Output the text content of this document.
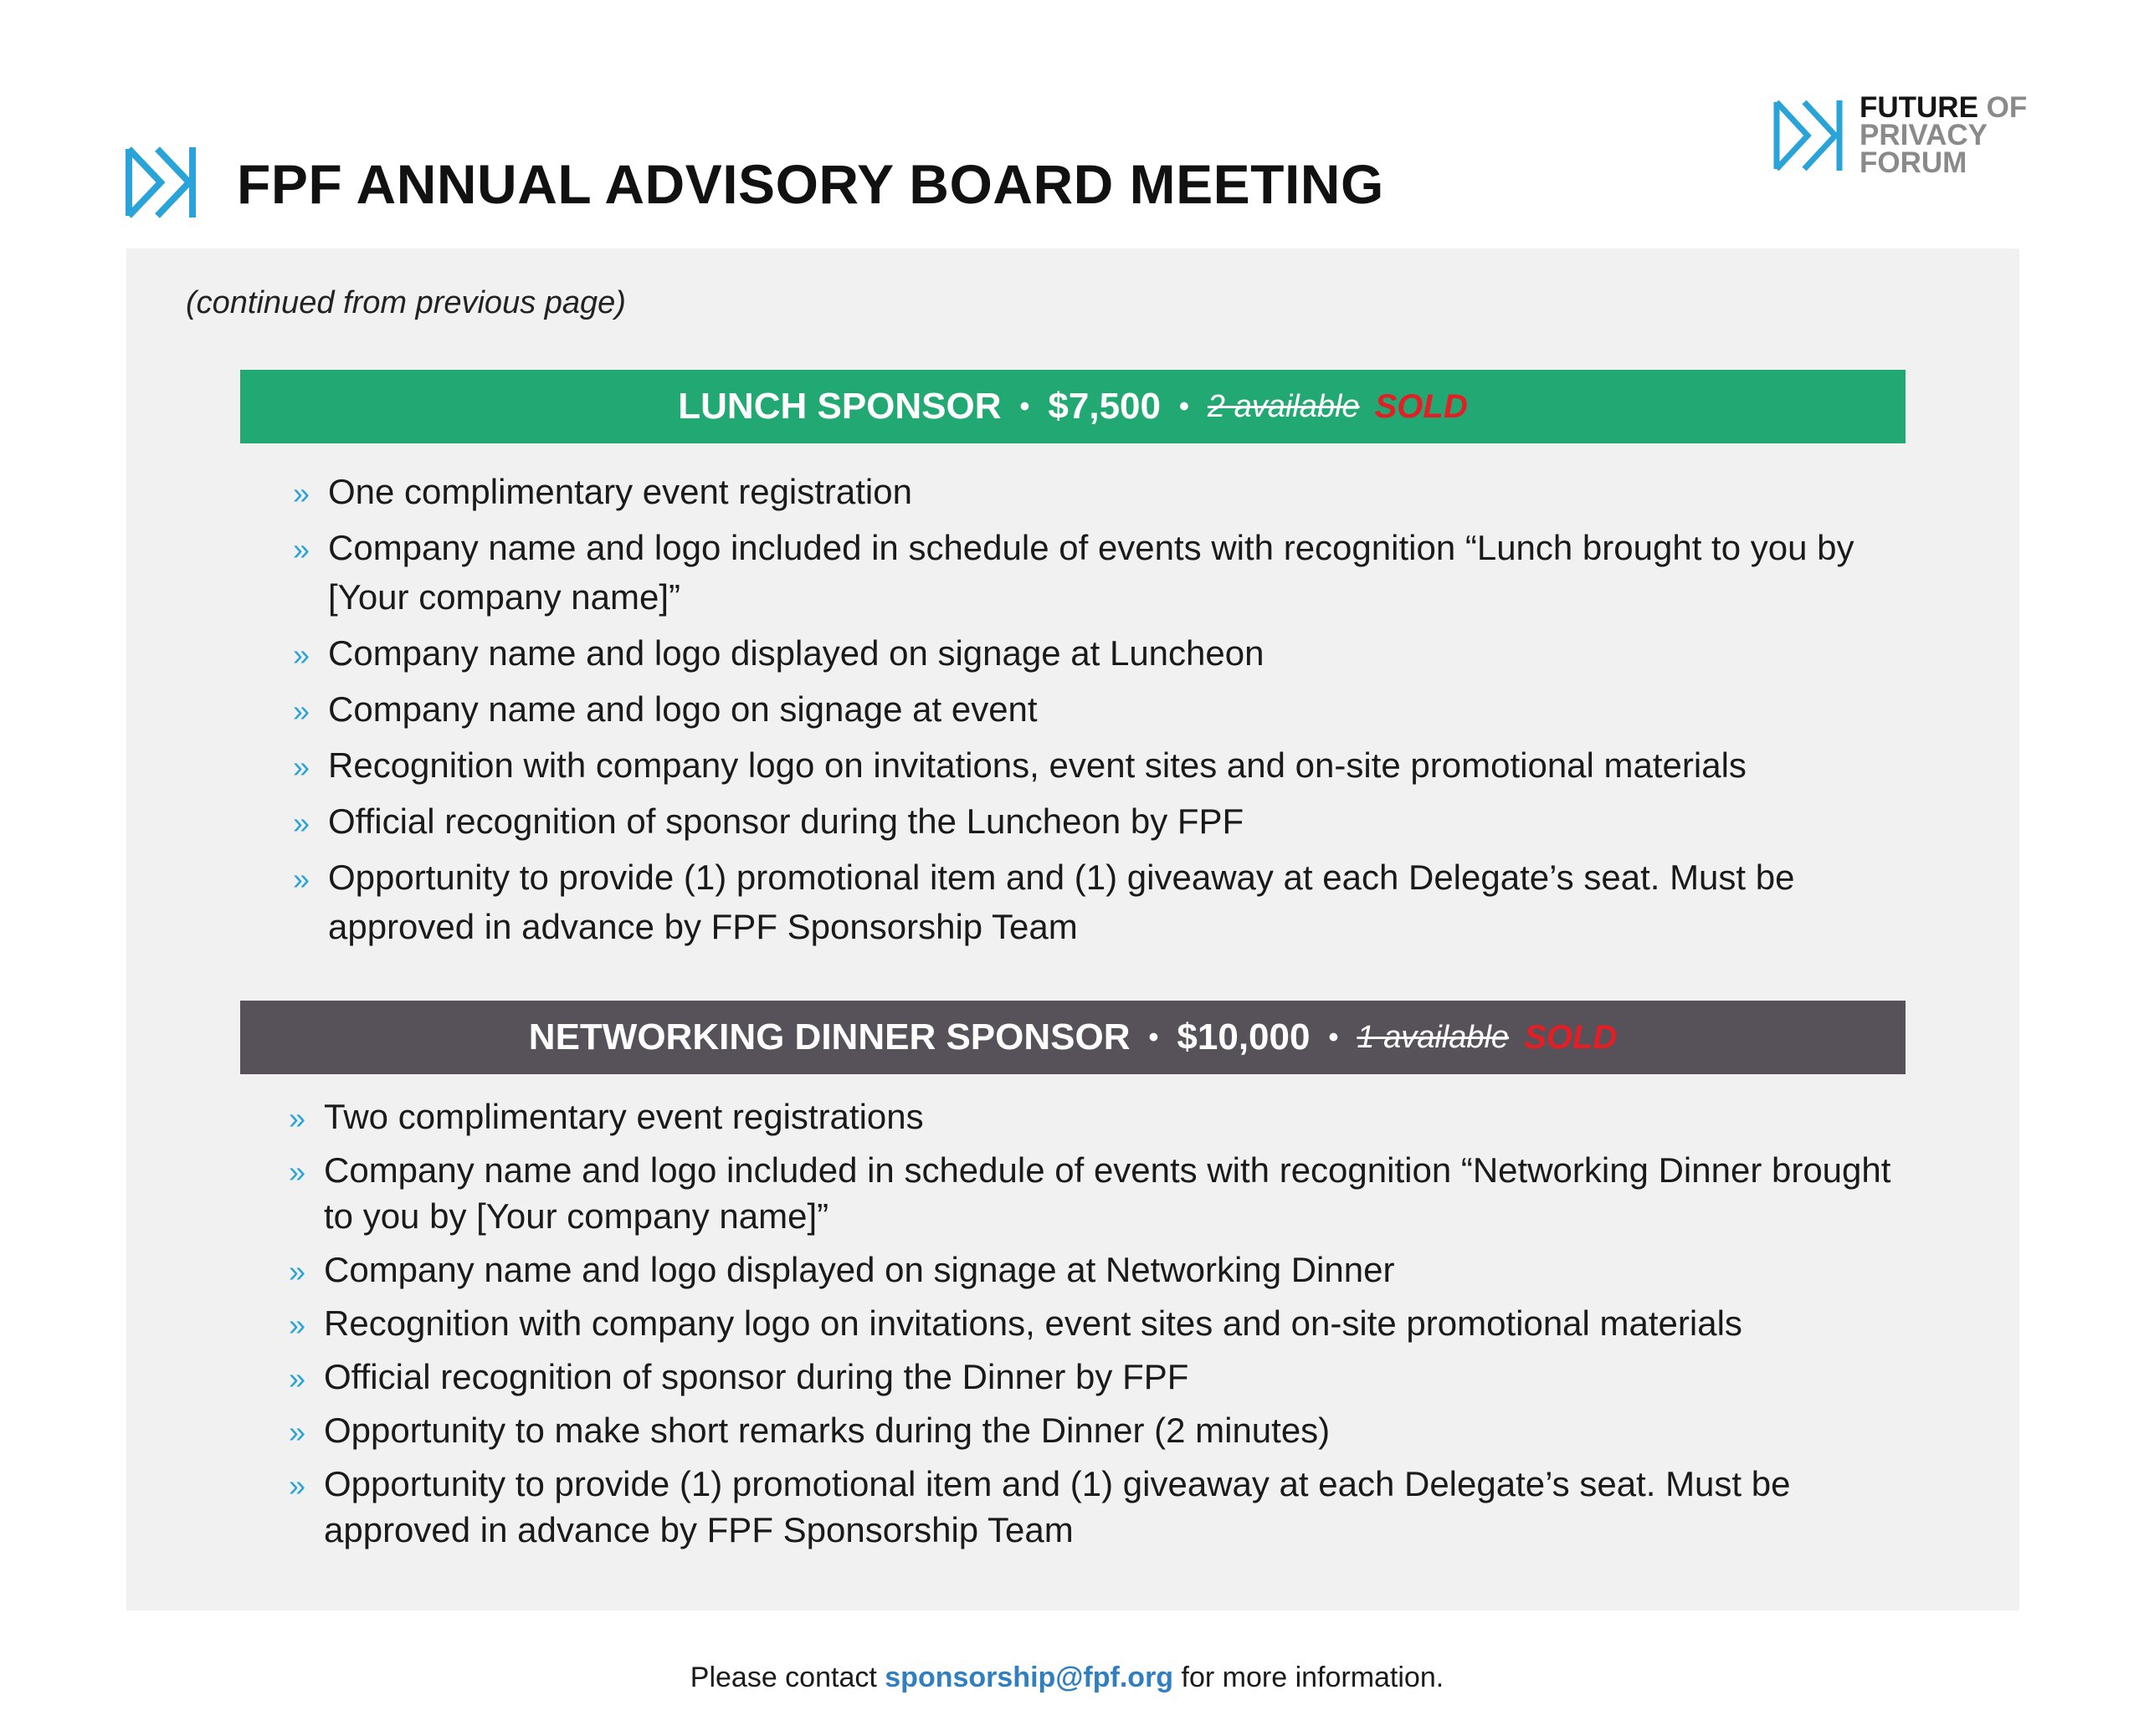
FPF ANNUAL ADVISORY BOARD MEETING
FUTURE OF
PRIVACY
FORUM

(continued from previous page)

LUNCH SPONSOR • $7,500 • 2 available SOLD
» One complimentary event registration
» Company name and logo included in schedule of events with recognition “Lunch brought to you by [Your company name]”
» Company name and logo displayed on signage at Luncheon
» Company name and logo on signage at event
» Recognition with company logo on invitations, event sites and on-site promotional materials
» Official recognition of sponsor during the Luncheon by FPF
» Opportunity to provide (1) promotional item and (1) giveaway at each Delegate’s seat. Must be approved in advance by FPF Sponsorship Team
NETWORKING DINNER SPONSOR • $10,000 • 1 available SOLD
» Two complimentary event registrations
» Company name and logo included in schedule of events with recognition “Networking Dinner brought to you by [Your company name]”
» Company name and logo displayed on signage at Networking Dinner
» Recognition with company logo on invitations, event sites and on-site promotional materials
» Official recognition of sponsor during the Dinner by FPF
» Opportunity to make short remarks during the Dinner (2 minutes)
» Opportunity to provide (1) promotional item and (1) giveaway at each Delegate’s seat. Must be approved in advance by FPF Sponsorship Team

Please contact sponsorship@fpf.org for more information.
